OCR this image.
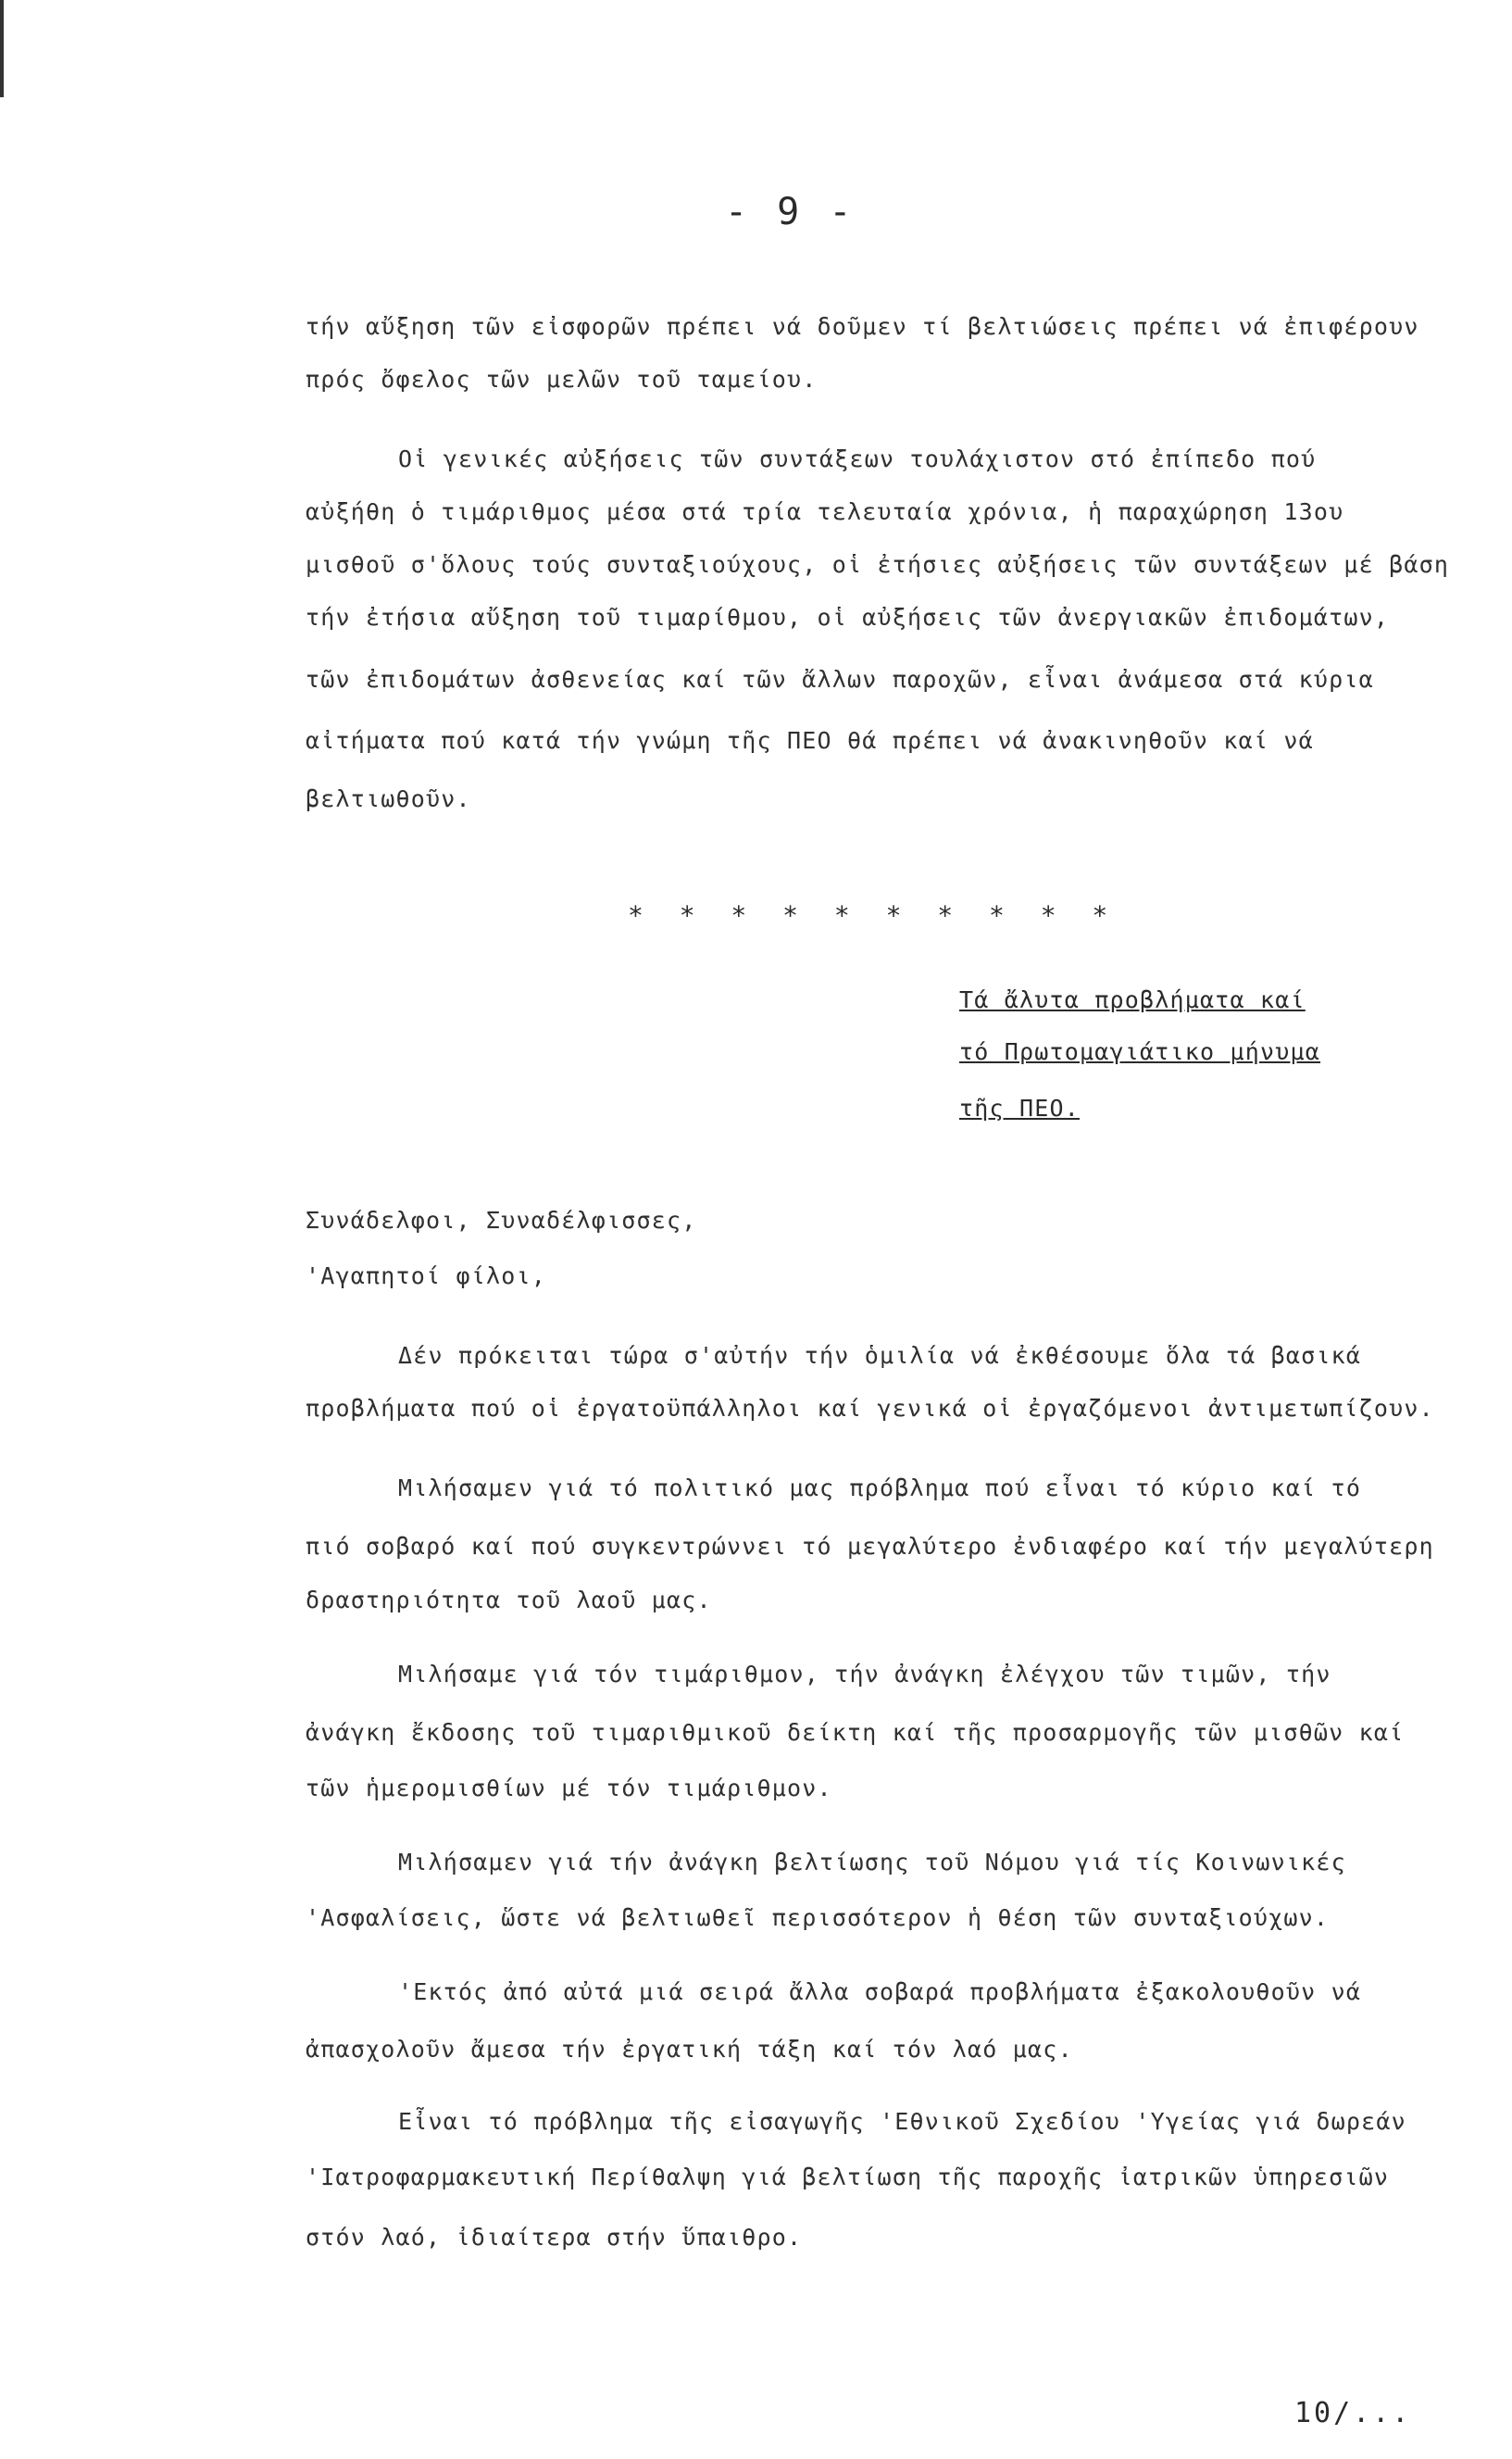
- 9 -
τήν αὔξηση τῶν εἰσφορῶν πρέπει νά δοῦμεν τί βελτιώσεις πρέπει νά ἐπιφέρουν
πρός ὄφελος τῶν μελῶν τοῦ ταμείου.
Οἱ γενικές αὐξήσεις τῶν συντάξεων τουλάχιστον στό ἐπίπεδο πού
αὐξήθη ὁ τιμάριθμος μέσα στά τρία τελευταία χρόνια, ἡ παραχώρηση 13ου
μισθοῦ σ'ὅλους τούς συνταξιούχους, οἱ ἐτήσιες αὐξήσεις τῶν συντάξεων μέ βάση
τήν ἐτήσια αὔξηση τοῦ τιμαρίθμου, οἱ αὐξήσεις τῶν ἀνεργιακῶν ἐπιδομάτων,
τῶν ἐπιδομάτων ἀσθενείας καί τῶν ἄλλων παροχῶν, εἶναι ἀνάμεσα στά κύρια
αἰτήματα πού κατά τήν γνώμη τῆς ΠΕΟ θά πρέπει νά ἀνακινηθοῦν καί νά
βελτιωθοῦν.
* * * * * * * * * *
Τά ἄλυτα προβλήματα καί
τό Πρωτομαγιάτικο μήνυμα
τῆς ΠΕΟ.
Συνάδελφοι, Συναδέλφισσες,
'Αγαπητοί φίλοι,
Δέν πρόκειται τώρα σ'αὐτήν τήν ὁμιλία νά ἐκθέσουμε ὅλα τά βασικά
προβλήματα πού οἱ ἐργατοϋπάλληλοι καί γενικά οἱ ἐργαζόμενοι ἀντιμετωπίζουν.
Μιλήσαμεν γιά τό πολιτικό μας πρόβλημα πού εἶναι τό κύριο καί τό
πιό σοβαρό καί πού συγκεντρώννει τό μεγαλύτερο ἐνδιαφέρο καί τήν μεγαλύτερη
δραστηριότητα τοῦ λαοῦ μας.
Μιλήσαμε γιά τόν τιμάριθμον, τήν ἀνάγκη ἐλέγχου τῶν τιμῶν, τήν
ἀνάγκη ἔκδοσης τοῦ τιμαριθμικοῦ δείκτη καί τῆς προσαρμογῆς τῶν μισθῶν καί
τῶν ἡμερομισθίων μέ τόν τιμάριθμον.
Μιλήσαμεν γιά τήν ἀνάγκη βελτίωσης τοῦ Νόμου γιά τίς Κοινωνικές
'Ασφαλίσεις, ὥστε νά βελτιωθεῖ περισσότερον ἡ θέση τῶν συνταξιούχων.
'Εκτός ἀπό αὐτά μιά σειρά ἄλλα σοβαρά προβλήματα ἐξακολουθοῦν νά
ἀπασχολοῦν ἄμεσα τήν ἐργατική τάξη καί τόν λαό μας.
Εἶναι τό πρόβλημα τῆς εἰσαγωγῆς 'Εθνικοῦ Σχεδίου 'Υγείας γιά δωρεάν
'Ιατροφαρμακευτική Περίθαλψη γιά βελτίωση τῆς παροχῆς ἰατρικῶν ὑπηρεσιῶν
στόν λαό, ἰδιαίτερα στήν ὕπαιθρο.
10/...
